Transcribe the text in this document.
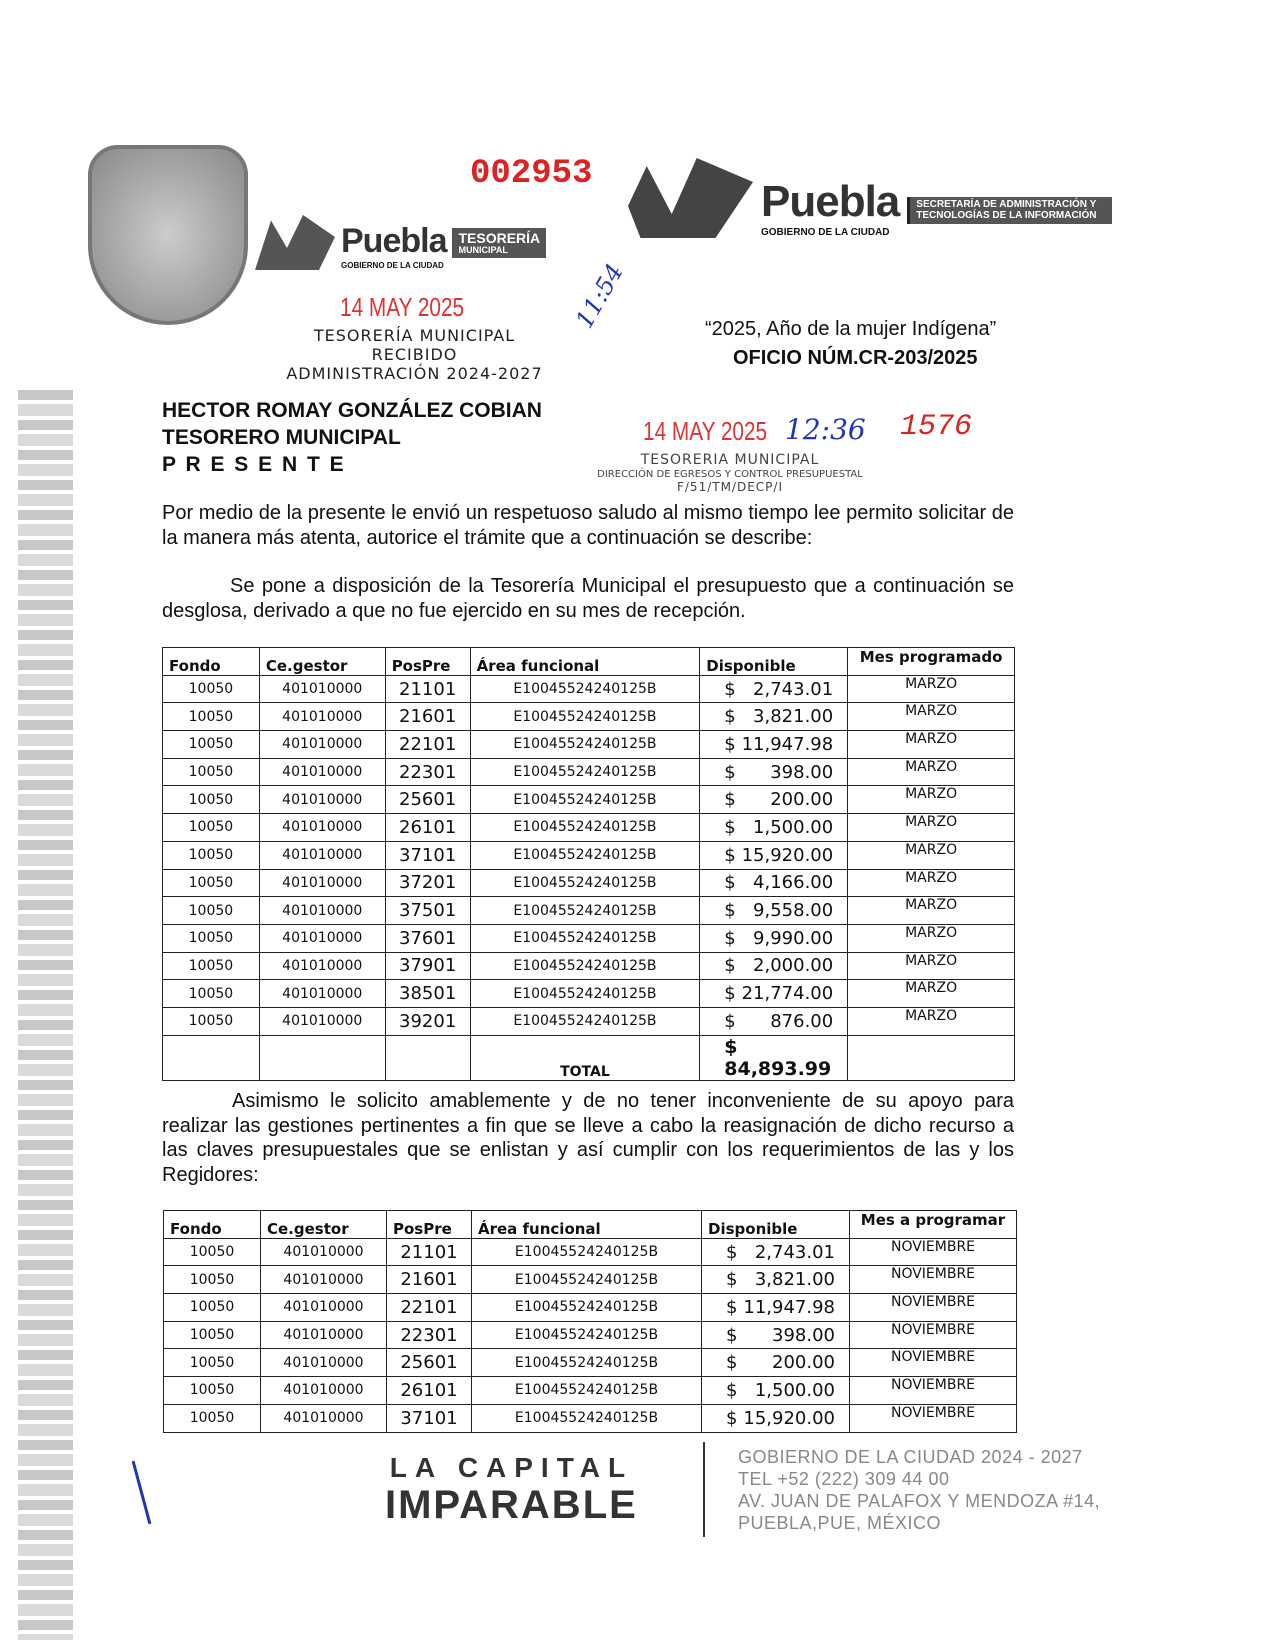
002953
Puebla
GOBIERNO DE LA CIUDAD
TESORERÍA
MUNICIPAL
Puebla
GOBIERNO DE LA CIUDAD
SECRETARÍA DE ADMINISTRACIÓN Y TECNOLOGÍAS DE LA INFORMACIÓN
14 MAY 2025	11:54
TESORERÍA MUNICIPAL
RECIBIDO
ADMINISTRACIÓN 2024-2027
“2025, Año de la mujer Indígena”
OFICIO NÚM.CR-203/2025
HECTOR ROMAY GONZÁLEZ COBIAN
TESORERO MUNICIPAL
P R E S E N T E
1576
14 MAY 2025 12:36
TESORERIA MUNICIPAL
DIRECCIÓN DE EGRESOS Y CONTROL PRESUPUESTAL
F/51/TM/DECP/I

Por medio de la presente le envió un respetuoso saludo al mismo tiempo lee permito solicitar de la manera más atenta, autorice el trámite que a continuación se describe:

Se pone a disposición de la Tesorería Municipal el presupuesto que a continuación se desglosa, derivado a que no fue ejercido en su mes de recepción.

Fondo	Ce.gestor	PosPre	Área funcional	Disponible	Mes programado
10050	401010000	21101	E10045524240125B	$ 2,743.01	MARZO
10050	401010000	21601	E10045524240125B	$ 3,821.00	MARZO
10050	401010000	22101	E10045524240125B	$ 11,947.98	MARZO
10050	401010000	22301	E10045524240125B	$ 398.00	MARZO
10050	401010000	25601	E10045524240125B	$ 200.00	MARZO
10050	401010000	26101	E10045524240125B	$ 1,500.00	MARZO
10050	401010000	37101	E10045524240125B	$ 15,920.00	MARZO
10050	401010000	37201	E10045524240125B	$ 4,166.00	MARZO
10050	401010000	37501	E10045524240125B	$ 9,558.00	MARZO
10050	401010000	37601	E10045524240125B	$ 9,990.00	MARZO
10050	401010000	37901	E10045524240125B	$ 2,000.00	MARZO
10050	401010000	38501	E10045524240125B	$ 21,774.00	MARZO
10050	401010000	39201	E10045524240125B	$ 876.00	MARZO
			TOTAL	$ 84,893.99	

Asimismo le solicito amablemente y de no tener inconveniente de su apoyo para realizar las gestiones pertinentes a fin que se lleve a cabo la reasignación de dicho recurso a las claves presupuestales que se enlistan y así cumplir con los requerimientos de las y los Regidores:

Fondo	Ce.gestor	PosPre	Área funcional	Disponible	Mes a programar
10050	401010000	21101	E10045524240125B	$ 2,743.01	NOVIEMBRE
10050	401010000	21601	E10045524240125B	$ 3,821.00	NOVIEMBRE
10050	401010000	22101	E10045524240125B	$ 11,947.98	NOVIEMBRE
10050	401010000	22301	E10045524240125B	$ 398.00	NOVIEMBRE
10050	401010000	25601	E10045524240125B	$ 200.00	NOVIEMBRE
10050	401010000	26101	E10045524240125B	$ 1,500.00	NOVIEMBRE
10050	401010000	37101	E10045524240125B	$ 15,920.00	NOVIEMBRE
LA CAPITAL
IMPARABLE
GOBIERNO DE LA CIUDAD 2024 - 2027
TEL +52 (222) 309 44 00
AV. JUAN DE PALAFOX Y MENDOZA #14,
PUEBLA,PUE, MÉXICO
